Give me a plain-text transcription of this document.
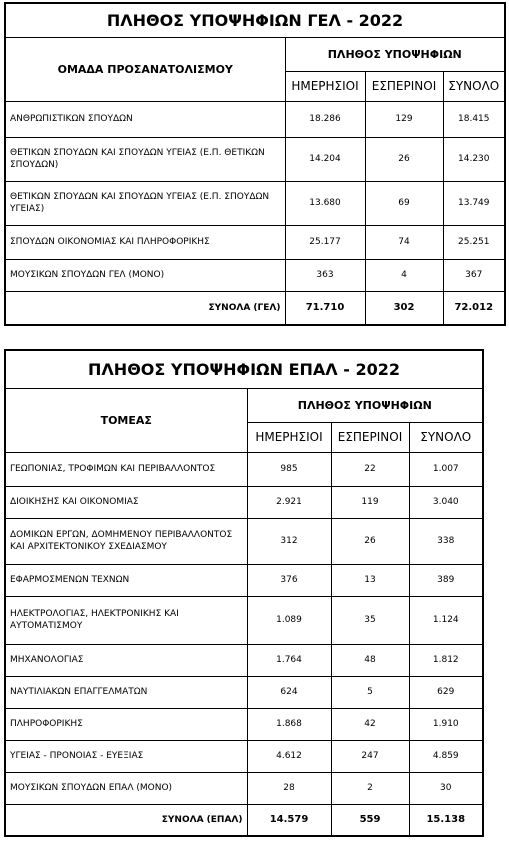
ΠΛΗΘΟΣ ΥΠΟΨΗΦΙΩΝ ΓΕΛ - 2022			
ΟΜΑΔΑ ΠΡΟΣΑΝΑΤΟΛΙΣΜΟΥ	ΠΛΗΘΟΣ ΥΠΟΨΗΦΙΩΝ		
	ΗΜΕΡΗΣΙΟΙ	ΕΣΠΕΡΙΝΟΙ	ΣΥΝΟΛΟ
ΑΝΘΡΩΠΙΣΤΙΚΩΝ ΣΠΟΥΔΩΝ	18.286	129	18.415
ΘΕΤΙΚΩΝ ΣΠΟΥΔΩΝ ΚΑΙ ΣΠΟΥΔΩΝ ΥΓΕΙΑΣ (Ε.Π. ΘΕΤΙΚΩΝ ΣΠΟΥΔΩΝ)	14.204	26	14.230
ΘΕΤΙΚΩΝ ΣΠΟΥΔΩΝ ΚΑΙ ΣΠΟΥΔΩΝ ΥΓΕΙΑΣ (Ε.Π. ΣΠΟΥΔΩΝ ΥΓΕΙΑΣ)	13.680	69	13.749
ΣΠΟΥΔΩΝ ΟΙΚΟΝΟΜΙΑΣ ΚΑΙ ΠΛΗΡΟΦΟΡΙΚΗΣ	25.177	74	25.251
ΜΟΥΣΙΚΩΝ ΣΠΟΥΔΩΝ ΓΕΛ (ΜΟΝΟ)	363	4	367
ΣΥΝΟΛΑ (ΓΕΛ)	71.710	302	72.012
ΠΛΗΘΟΣ ΥΠΟΨΗΦΙΩΝ ΕΠΑΛ - 2022			
ΤΟΜΕΑΣ	ΠΛΗΘΟΣ ΥΠΟΨΗΦΙΩΝ		
	ΗΜΕΡΗΣΙΟΙ	ΕΣΠΕΡΙΝΟΙ	ΣΥΝΟΛΟ
ΓΕΩΠΟΝΙΑΣ, ΤΡΟΦΙΜΩΝ ΚΑΙ ΠΕΡΙΒΑΛΛΟΝΤΟΣ	985	22	1.007
ΔΙΟΙΚΗΣΗΣ ΚΑΙ ΟΙΚΟΝΟΜΙΑΣ	2.921	119	3.040
ΔΟΜΙΚΩΝ ΕΡΓΩΝ, ΔΟΜΗΜΕΝΟΥ ΠΕΡΙΒΑΛΛΟΝΤΟΣ ΚΑΙ ΑΡΧΙΤΕΚΤΟΝΙΚΟΥ ΣΧΕΔΙΑΣΜΟΥ	312	26	338
ΕΦΑΡΜΟΣΜΕΝΩΝ ΤΕΧΝΩΝ	376	13	389
ΗΛΕΚΤΡΟΛΟΓΙΑΣ, ΗΛΕΚΤΡΟΝΙΚΗΣ ΚΑΙ ΑΥΤΟΜΑΤΙΣΜΟΥ	1.089	35	1.124
ΜΗΧΑΝΟΛΟΓΙΑΣ	1.764	48	1.812
ΝΑΥΤΙΛΙΑΚΩΝ ΕΠΑΓΓΕΛΜΑΤΩΝ	624	5	629
ΠΛΗΡΟΦΟΡΙΚΗΣ	1.868	42	1.910
ΥΓΕΙΑΣ - ΠΡΟΝΟΙΑΣ - ΕΥΕΞΙΑΣ	4.612	247	4.859
ΜΟΥΣΙΚΩΝ ΣΠΟΥΔΩΝ ΕΠΑΛ (ΜΟΝΟ)	28	2	30
ΣΥΝΟΛΑ (ΕΠΑΛ)	14.579	559	15.138
